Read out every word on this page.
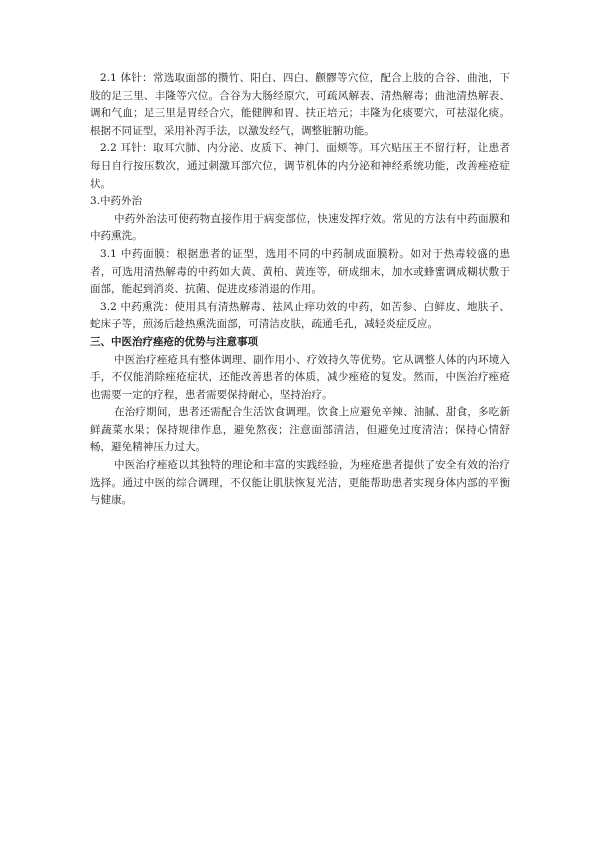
2.1 体针：常选取面部的攒竹、阳白、四白、颧髎等穴位，配合上肢的合谷、曲池，下肢的足三里、丰隆等穴位。合谷为大肠经原穴，可疏风解表、清热解毒；曲池清热解表、调和气血；足三里是胃经合穴，能健脾和胃、扶正培元；丰隆为化痰要穴，可祛湿化痰。根据不同证型，采用补泻手法，以激发经气，调整脏腑功能。

2.2 耳针：取耳穴肺、内分泌、皮质下、神门、面颊等。耳穴贴压王不留行籽，让患者每日自行按压数次，通过刺激耳部穴位，调节机体的内分泌和神经系统功能，改善痤疮症状。

3.中药外治

中药外治法可使药物直接作用于病变部位，快速发挥疗效。常见的方法有中药面膜和中药熏洗。

3.1 中药面膜：根据患者的证型，选用不同的中药制成面膜粉。如对于热毒较盛的患者，可选用清热解毒的中药如大黄、黄柏、黄连等，研成细末，加水或蜂蜜调成糊状敷于面部，能起到消炎、抗菌、促进皮疹消退的作用。

3.2 中药熏洗：使用具有清热解毒、祛风止痒功效的中药，如苦参、白鲜皮、地肤子、蛇床子等，煎汤后趁热熏洗面部，可清洁皮肤，疏通毛孔，减轻炎症反应。

三、中医治疗痤疮的优势与注意事项

中医治疗痤疮具有整体调理、副作用小、疗效持久等优势。它从调整人体的内环境入手，不仅能消除痤疮症状，还能改善患者的体质，减少痤疮的复发。然而，中医治疗痤疮也需要一定的疗程，患者需要保持耐心，坚持治疗。

在治疗期间，患者还需配合生活饮食调理。饮食上应避免辛辣、油腻、甜食，多吃新鲜蔬菜水果；保持规律作息，避免熬夜；注意面部清洁，但避免过度清洁；保持心情舒畅，避免精神压力过大。

中医治疗痤疮以其独特的理论和丰富的实践经验，为痤疮患者提供了安全有效的治疗选择。通过中医的综合调理，不仅能让肌肤恢复光洁，更能帮助患者实现身体内部的平衡与健康。
